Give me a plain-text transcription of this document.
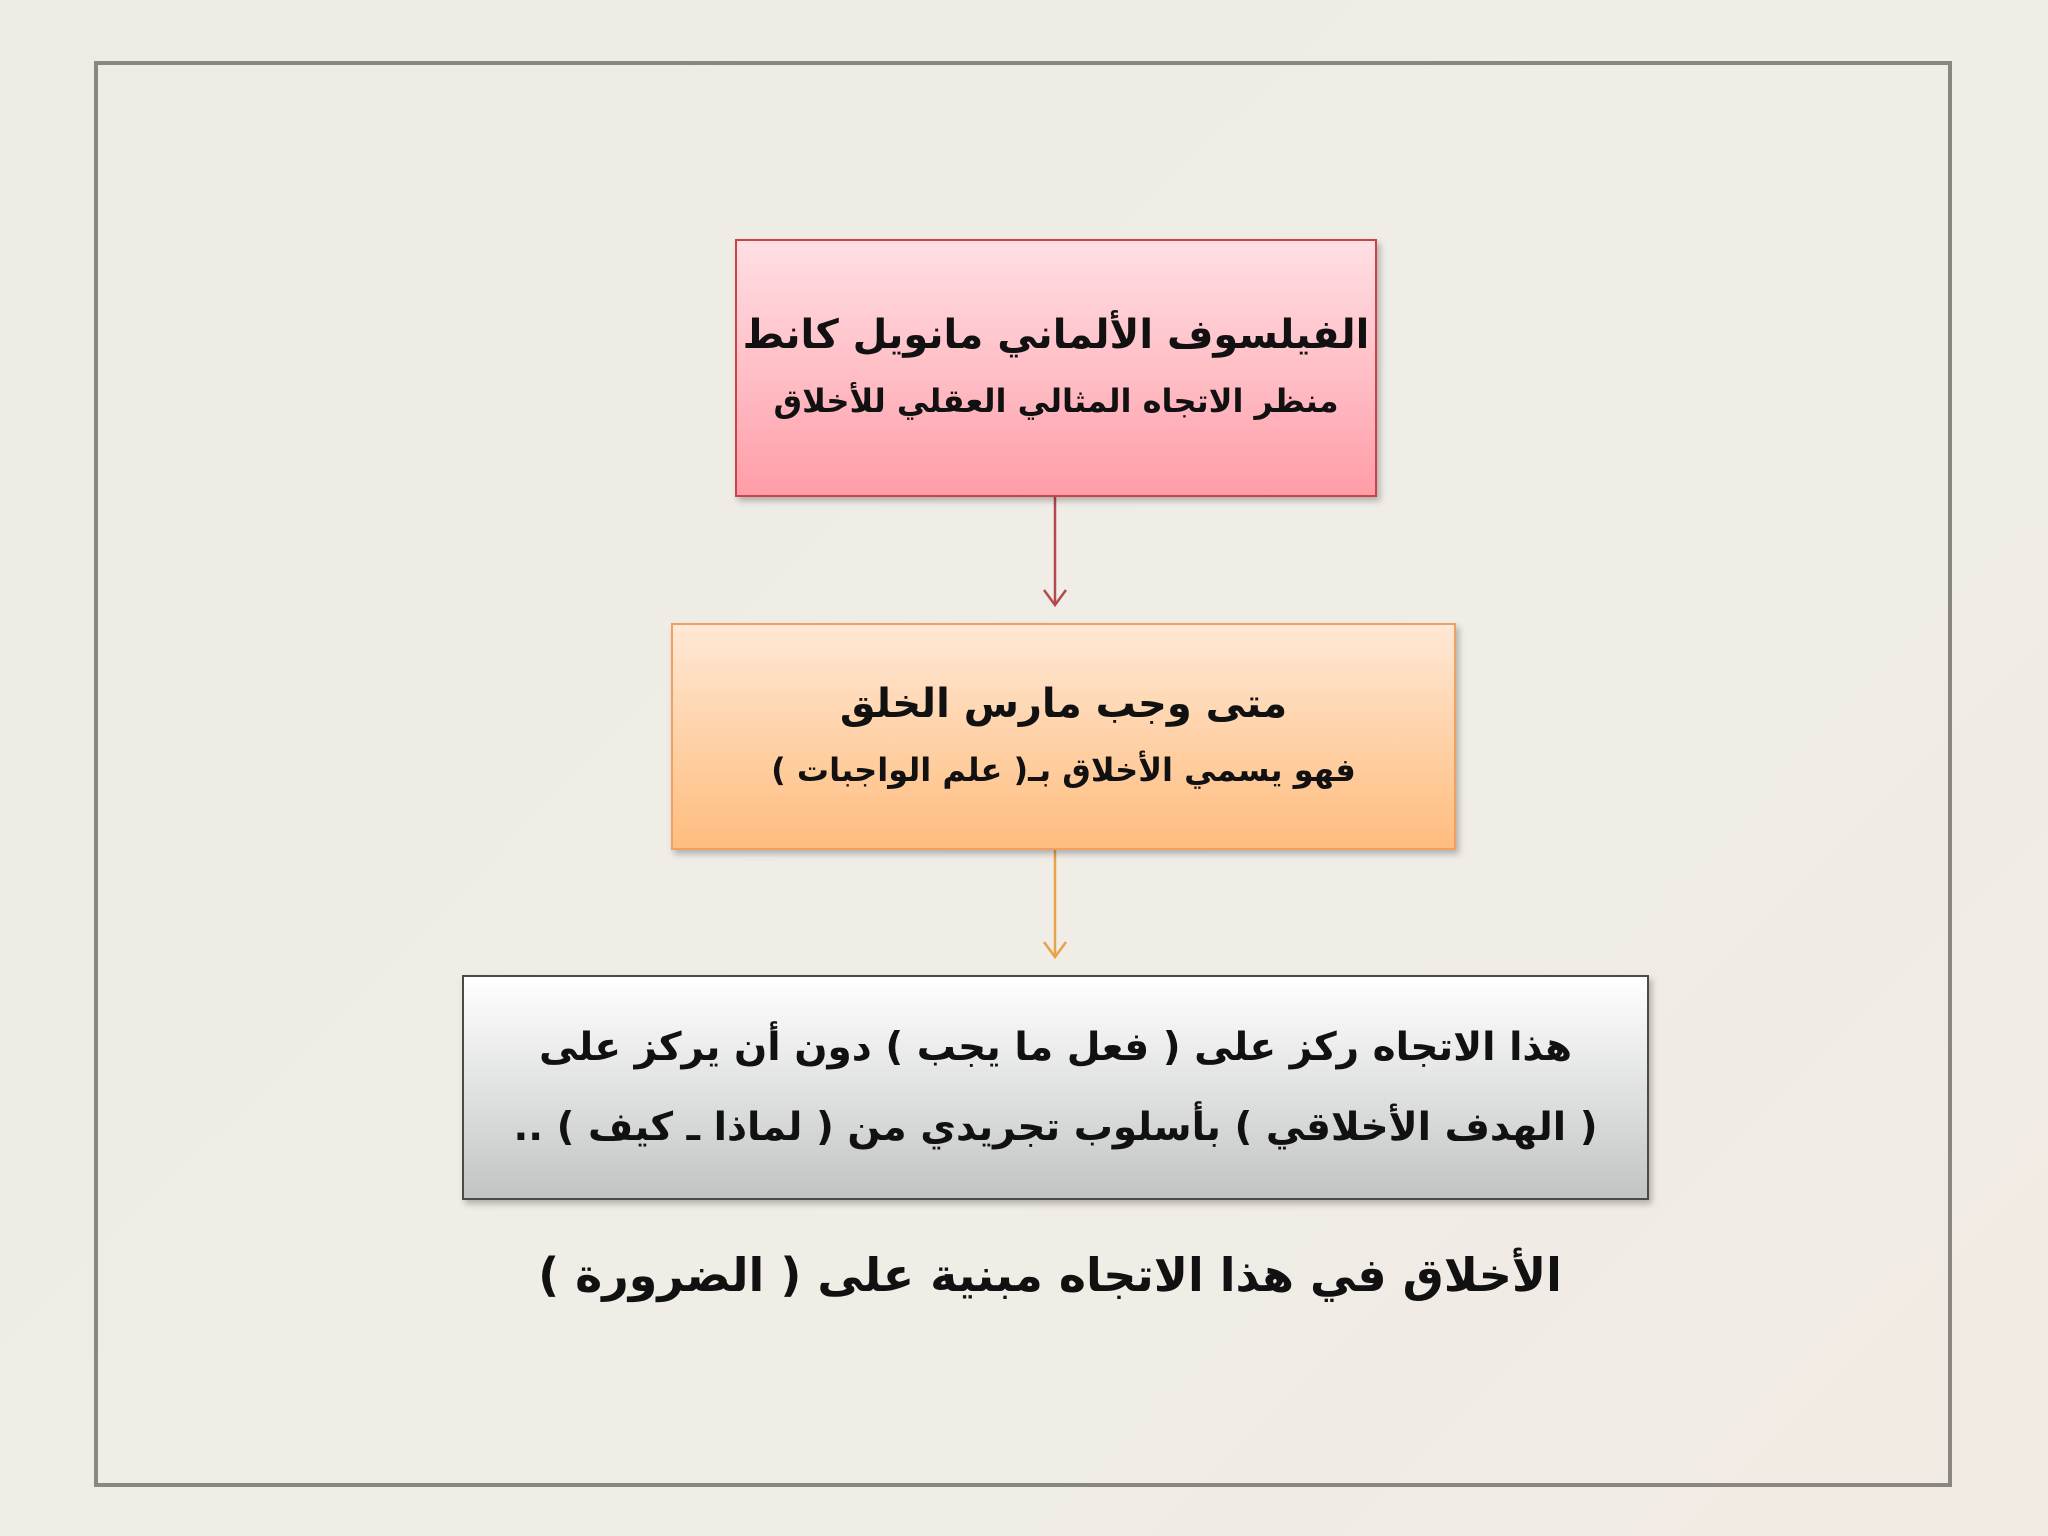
الفيلسوف الألماني مانويل كانط
منظر الاتجاه المثالي العقلي للأخلاق
متى وجب مارس الخلق
فهو يسمي الأخلاق بـ( علم الواجبات )
هذا الاتجاه ركز على ( فعل ما يجب ) دون أن يركز على
( الهدف الأخلاقي ) بأسلوب تجريدي من ( لماذا ـ كيف ) ..
الأخلاق في هذا الاتجاه مبنية على ( الضرورة )
